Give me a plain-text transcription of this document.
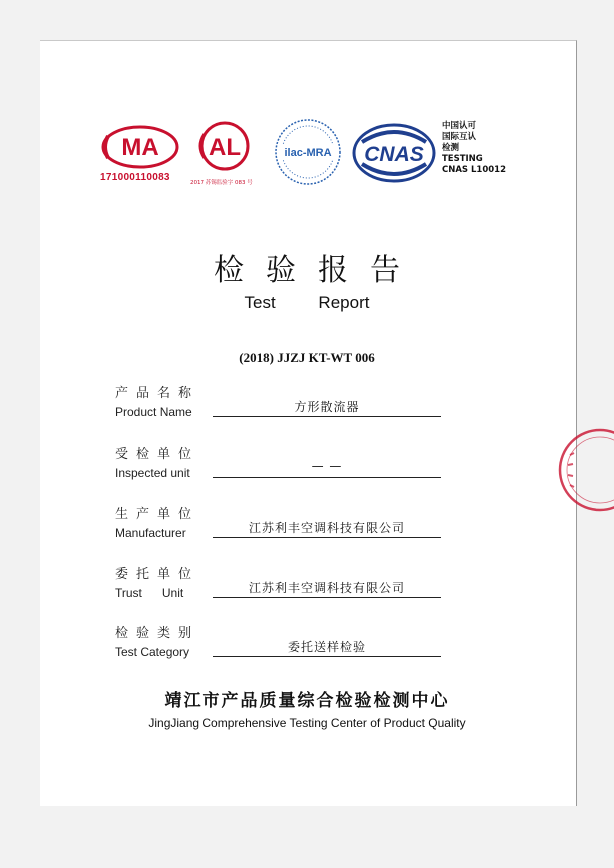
MA
171000110083
AL
2017 苏锡监验字 083 号
ilac-MRA CNAS
中国认可
国际互认
检测
TESTING
CNAS L10012
检验报告
Test Report
(2018) JJZJ KT-WT 006
产品名称
Product Name	方形散流器
受检单位
Inspected unit	— —
生产单位
Manufacturer	江苏利丰空调科技有限公司
委托单位
Trust      Unit	江苏利丰空调科技有限公司
检验类别
Test Category	委托送样检验
靖江市产品质量综合检验检测中心
JingJiang Comprehensive Testing Center of Product Quality
